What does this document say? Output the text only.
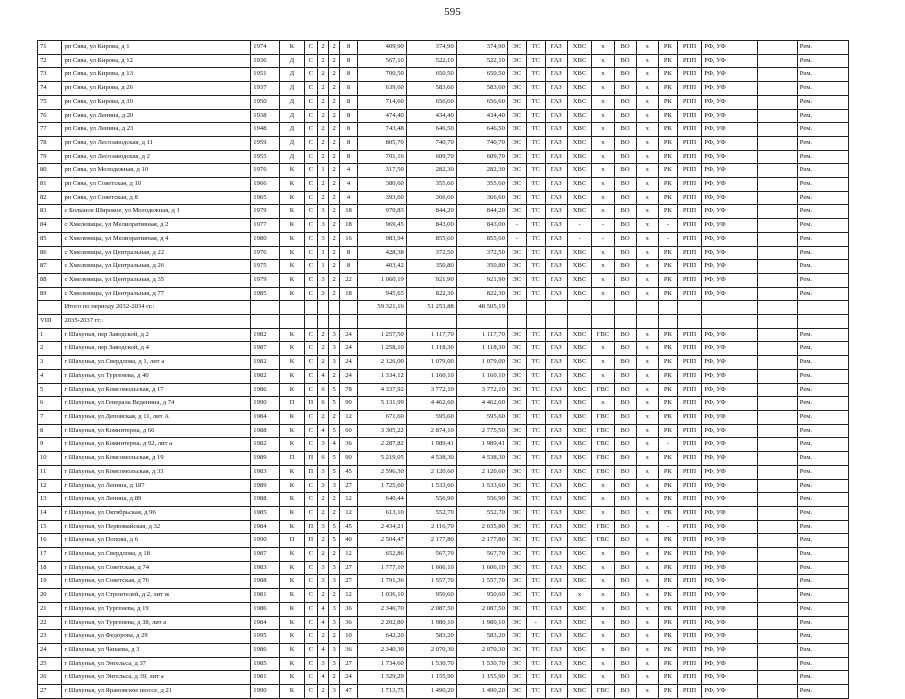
595
71	рп Сява, ул Кирова, д 1	1974	К	С	2	2	8	409,90	374,90	374,90	ЭС	ТС	ГАЗ	ХВС	х	ВО	х	РК	РПП	РФ, УФ		Рем.
72	рп Сява, ул Кирова, д 12	1936	Д	С	2	2	8	567,10	522,10	522,10	ЭС	ТС	ГАЗ	ХВС	х	ВО	х	РК	РПП	РФ, УФ		Рем.
73	рп Сява, ул Кирова, д 13	1951	Д	С	2	2	8	700,50	650,50	650,50	ЭС	ТС	ГАЗ	ХВС	х	ВО	х	РК	РПП	РФ, УФ		Рем.
74	рп Сява, ул Кирова, д 26	1937	Д	С	2	2	8	639,60	583,60	583,60	ЭС	ТС	ГАЗ	ХВС	х	ВО	х	РК	РПП	РФ, УФ		Рем.
75	рп Сява, ул Кирова, д 30	1950	Д	С	2	2	8	714,60	656,60	656,60	ЭС	ТС	ГАЗ	ХВС	х	ВО	х	РК	РПП	РФ, УФ		Рем.
76	рп Сява, ул Ленина, д 20	1938	Д	С	2	2	8	474,40	434,40	434,40	ЭС	ТС	ГАЗ	ХВС	х	ВО	х	РК	РПП	РФ, УФ		Рем.
77	рп Сява, ул Ленина, д 23	1948	Д	С	2	2	8	743,48	646,50	646,50	ЭС	ТС	ГАЗ	ХВС	х	ВО	х	РК	РПП	РФ, УФ		Рем.
78	рп Сява, ул Лесозаводская, д 11	1959	Д	С	2	2	8	805,70	740,70	740,70	ЭС	ТС	ГАЗ	ХВС	х	ВО	х	РК	РПП	РФ, УФ		Рем.
79	рп Сява, ул Лесозаводская, д 2	1955	Д	С	2	2	8	701,16	609,70	609,70	ЭС	ТС	ГАЗ	ХВС	х	ВО	х	РК	РПП	РФ, УФ		Рем.
80	рп Сява, ул Молодежная, д 10	1976	К	С	1	2	4	317,50	282,30	282,30	ЭС	ТС	ГАЗ	ХВС	х	ВО	х	РК	РПП	РФ, УФ		Рем.
81	рп Сява, ул Советская, д 10	1966	К	С	2	2	4	380,60	355,60	355,60	ЭС	ТС	ГАЗ	ХВС	х	ВО	х	РК	РПП	РФ, УФ		Рем.
82	рп Сява, ул Советская, д 8	1965	К	С	2	2	4	393,60	366,60	366,60	ЭС	ТС	ГАЗ	ХВС	х	ВО	х	РК	РПП	РФ, УФ		Рем.
83	с Большое Широкое, ул Молодежная, д 1	1979	К	С	3	2	18	970,83	844,20	844,20	ЭС	ТС	ГАЗ	ХВС	х	ВО	х	РК	РПП	РФ, УФ		Рем.
84	с Хмелевицы, ул Мелиоративная, д 2	1977	К	С	3	2	18	969,45	843,00	843,00	-	ТС	ГАЗ	-	-	ВО	х	-	РПП	РФ, УФ		Рем.
85	с Хмелевицы, ул Мелиоративная, д 4	1980	К	С	3	2	16	983,94	855,60	855,60	-	ТС	ГАЗ	-	-	ВО	х	-	РПП	РФ, УФ		Рем.
86	с Хмелевицы, ул Центральная, д 22	1976	К	С	1	2	8	428,38	372,50	372,50	ЭС	ТС	ГАЗ	ХВС	х	ВО	х	РК	РПП	РФ, УФ		Рем.
87	с Хмелевицы, ул Центральная, д 26	1975	К	С	1	2	8	403,42	350,80	350,80	ЭС	ТС	ГАЗ	ХВС	х	ВО	х	РК	РПП	РФ, УФ		Рем.
88	с Хмелевицы, ул Центральная, д 35	1979	К	С	3	2	22	1 060,19	921,90	921,90	ЭС	ТС	ГАЗ	ХВС	х	ВО	х	РК	РПП	РФ, УФ		Рем.
89	с Хмелевицы, ул Центральная, д 77	1985	К	С	3	2	18	945,65	822,30	822,30	ЭС	ТС	ГАЗ	ХВС	х	ВО	х	РК	РПП	РФ, УФ		Рем.
	Итого по периоду 2032-2034 гг.:							59 321,16	51 253,88	48 505,19												
VIII	2035-2037 гг.:																					
1	г Шахунья, пер Заводской, д 2	1982	К	С	2	3	24	1 257,50	1 117,70	1 117,70	ЭС	ТС	ГАЗ	ХВС	ГВС	ВО	х	РК	РПП	РФ, УФ		Рем.
2	г Шахунья, пер Заводской, д 4	1987	К	С	2	3	24	1 258,10	1 118,30	1 118,30	ЭС	ТС	ГАЗ	ХВС	х	ВО	х	РК	РПП	РФ, УФ		Рем.
3	г Шахунья, ул Свердлова, д 1, лит а	1982	К	С	2	3	24	2 126,00	1 079,00	1 079,00	ЭС	ТС	ГАЗ	ХВС	х	ВО	х	РК	РПП	РФ, УФ		Рем.
4	г Шахунья, ул Тургенева, д 40	1982	К	С	4	2	24	1 334,12	1 160,10	1 160,10	ЭС	ТС	ГАЗ	ХВС	х	ВО	х	РК	РПП	РФ, УФ		Рем.
5	г Шахунья, ул Комсомольская, д 17	1986	К	С	6	5	78	4 337,92	3 772,10	3 772,10	ЭС	ТС	ГАЗ	ХВС	ГВС	ВО	х	РК	РПП	РФ, УФ		Рем.
6	г Шахунья, ул Генерала Веденина, д 74	1990	П	П	6	5	90	5 131,99	4 462,60	4 462,60	ЭС	ТС	ГАЗ	ХВС	х	ВО	х	РК	РПП	РФ, УФ		Рем.
7	г Шахунья, ул Деповская, д 11, лит А	1984	К	С	2	2	12	671,60	595,60	595,60	ЭС	ТС	ГАЗ	ХВС	ГВС	ВО	х	РК	РПП	РФ, УФ		Рем.
8	г Шахунья, ул Коминтерна, д 66	1988	К	С	4	5	60	3 305,22	2 874,10	2 775,50	ЭС	ТС	ГАЗ	ХВС	ГВС	ВО	х	РК	РПП	РФ, УФ		Рем.
9	г Шахунья, ул Коминтерна, д 92, лит а	1982	К	С	3	4	36	2 287,82	1 989,41	1 989,41	ЭС	ТС	ГАЗ	ХВС	ГВС	ВО	х	-	РПП	РФ, УФ		Рем.
10	г Шахунья, ул Комсомольская, д 19	1989	П	П	6	5	90	5 219,05	4 538,30	4 538,30	ЭС	ТС	ГАЗ	ХВС	ГВС	ВО	х	РК	РПП	РФ, УФ		Рем.
11	г Шахунья, ул Комсомольская, д 33	1983	К	П	3	5	45	2 596,30	2 120,60	2 120,60	ЭС	ТС	ГАЗ	ХВС	ГВС	ВО	х	РК	РПП	РФ, УФ		Рем.
12	г Шахунья, ул Ленина, д 187	1989	К	С	3	3	27	1 725,60	1 533,60	1 533,60	ЭС	ТС	ГАЗ	ХВС	х	ВО	х	РК	РПП	РФ, УФ		Рем.
13	г Шахунья, ул Ленина, д 89	1988	К	С	2	2	12	640,44	556,90	556,90	ЭС	ТС	ГАЗ	ХВС	х	ВО	х	РК	РПП	РФ, УФ		Рем.
14	г Шахунья, ул Октябрьская, д 96	1985	К	С	2	2	12	613,10	552,70	552,70	ЭС	ТС	ГАЗ	ХВС	х	ВО	х	РК	РПП	РФ, УФ		Рем.
15	г Шахунья, ул Первомайская, д 32	1984	К	П	3	5	45	2 434,21	2 116,70	2 035,80	ЭС	ТС	ГАЗ	ХВС	ГВС	ВО	х	-	РПП	РФ, УФ		Рем.
16	г Шахунья, ул Попова, д 6	1990	П	П	2	5	40	2 504,47	2 177,80	2 177,80	ЭС	ТС	ГАЗ	ХВС	ГВС	ВО	х	РК	РПП	РФ, УФ		Рем.
17	г Шахунья, ул Свердлова, д 18	1987	К	С	2	2	12	652,86	567,70	567,70	ЭС	ТС	ГАЗ	ХВС	х	ВО	х	РК	РПП	РФ, УФ		Рем.
18	г Шахунья, ул Советская, д 74	1983	К	С	3	3	27	1 777,10	1 606,10	1 606,10	ЭС	ТС	ГАЗ	ХВС	х	ВО	х	РК	РПП	РФ, УФ		Рем.
19	г Шахунья, ул Советская, д 76	1988	К	С	3	3	27	1 791,36	1 557,70	1 557,70	ЭС	ТС	ГАЗ	ХВС	х	ВО	х	РК	РПП	РФ, УФ		Рем.
20	г Шахунья, ул Строителей, д 2, лит ж	1981	К	С	2	2	12	1 036,10	950,60	950,60	ЭС	ТС	ГАЗ	х	х	ВО	х	РК	РПП	РФ, УФ		Рем.
21	г Шахунья, ул Тургенева, д 19	1986	К	С	4	3	36	2 346,70	2 087,50	2 087,50	ЭС	ТС	ГАЗ	ХВС	х	ВО	х	РК	РПП	РФ, УФ		Рем.
22	г Шахунья, ул Тургенева, д 38, лит а	1984	К	С	4	3	36	2 202,80	1 980,10	1 980,10	ЭС	-	ГАЗ	ХВС	х	ВО	х	РК	РПП	РФ, УФ		Рем.
23	г Шахунья, ул Федорова, д 29	1995	К	С	2	2	10	642,20	583,20	583,20	ЭС	ТС	ГАЗ	ХВС	х	ВО	х	РК	РПП	РФ, УФ		Рем.
24	г Шахунья, ул Чапаева, д 3	1986	К	С	4	3	36	2 340,30	2 070,30	2 070,30	ЭС	ТС	ГАЗ	ХВС	х	ВО	х	РК	РПП	РФ, УФ		Рем.
25	г Шахунья, ул Энгельса, д 37	1985	К	С	3	3	27	1 734,60	1 530,70	1 530,70	ЭС	ТС	ГАЗ	ХВС	х	ВО	х	РК	РПП	РФ, УФ		Рем.
26	г Шахунья, ул Энгельса, д 39, лит а	1981	К	С	4	2	24	1 329,29	1 155,90	1 155,90	ЭС	ТС	ГАЗ	ХВС	х	ВО	х	РК	РПП	РФ, УФ		Рем.
27	г Шахунья, ул Ярановское шоссе, д 21	1990	К	С	2	3	47	1 713,75	1 490,20	1 490,20	ЭС	ТС	ГАЗ	ХВС	ГВС	ВО	х	РК	РПП	РФ, УФ		Рем.
